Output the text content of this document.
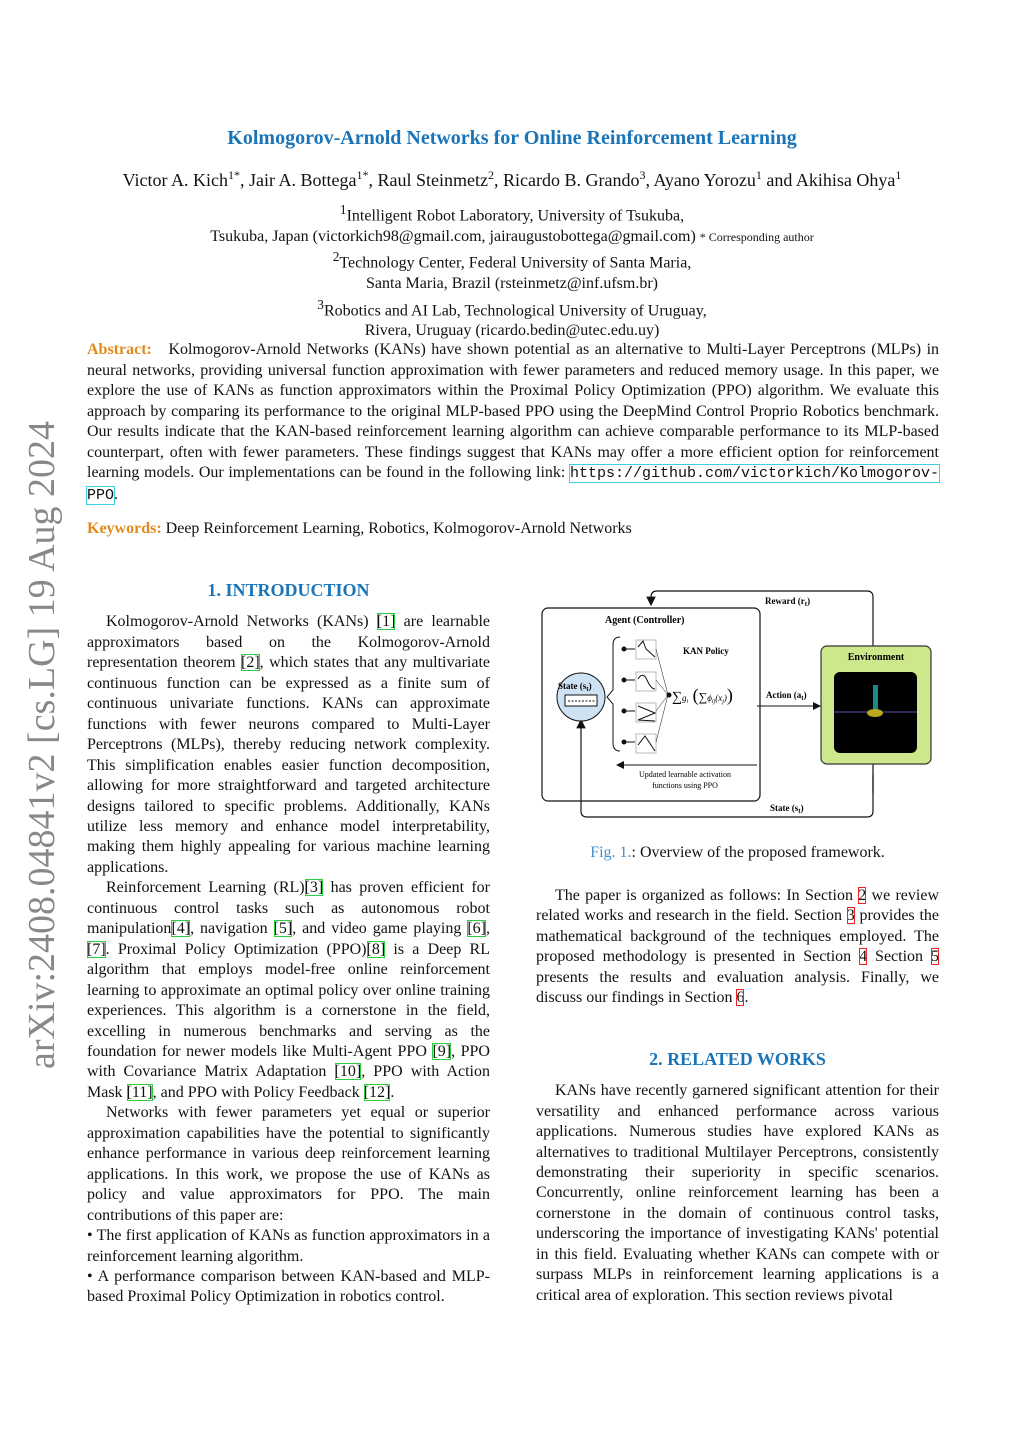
arXiv:2408.04841v2 [cs.LG] 19 Aug 2024
Kolmogorov-Arnold Networks for Online Reinforcement Learning
Victor A. Kich$^{1*}$, Jair A. Bottega$^{1*}$, Raul Steinmetz$^2$, Ricardo B. Grando$^3$, Ayano Yorozu$^1$ and Akihisa Ohya$^1$
$^1$Intelligent Robot Laboratory, University of Tsukuba,
Tsukuba, Japan (victorkich98@gmail.com, jairaugustobottega@gmail.com) * Corresponding author
$^2$Technology Center, Federal University of Santa Maria,
Santa Maria, Brazil (rsteinmetz@inf.ufsm.br)
$^3$Robotics and AI Lab, Technological University of Uruguay,
Rivera, Uruguay (ricardo.bedin@utec.edu.uy)
Abstract: Kolmogorov-Arnold Networks (KANs) have shown potential as an alternative to Multi-Layer Perceptrons (MLPs) in neural networks, providing universal function approximation with fewer parameters and reduced memory usage. In this paper, we explore the use of KANs as function approximators within the Proximal Policy Optimization (PPO) algorithm. We evaluate this approach by comparing its performance to the original MLP-based PPO using the DeepMind Control Proprio Robotics benchmark. Our results indicate that the KAN-based reinforcement learning algorithm can achieve comparable performance to its MLP-based counterpart, often with fewer parameters. These findings suggest that KANs may offer a more efficient option for reinforcement learning models. Our implementations can be found in the following link: https://github.com/victorkich/Kolmogorov-PPO.
Keywords: Deep Reinforcement Learning, Robotics, Kolmogorov-Arnold Networks
1. INTRODUCTION

Kolmogorov-Arnold Networks (KANs) [1] are learnable approximators based on the Kolmogorov-Arnold representation theorem [2], which states that any multivariate continuous function can be expressed as a finite sum of continuous univariate functions. KANs can approximate functions with fewer neurons compared to Multi-Layer Perceptrons (MLPs), thereby reducing network complexity. This simplification enables easier function decomposition, allowing for more straightforward and targeted architecture designs tailored to specific problems. Additionally, KANs utilize less memory and enhance model interpretability, making them highly appealing for various machine learning applications.

Reinforcement Learning (RL)[3] has proven efficient for continuous control tasks such as autonomous robot manipulation[4], navigation [5], and video game playing [6], [7]. Proximal Policy Optimization (PPO)[8] is a Deep RL algorithm that employs model-free online reinforcement learning to approximate an optimal policy over online training experiences. This algorithm is a cornerstone in the field, excelling in numerous benchmarks and serving as the foundation for newer models like Multi-Agent PPO [9], PPO with Covariance Matrix Adaptation [10], PPO with Action Mask [11], and PPO with Policy Feedback [12].

Networks with fewer parameters yet equal or superior approximation capabilities have the potential to significantly enhance performance in various deep reinforcement learning applications. In this work, we propose the use of KANs as policy and value approximators for PPO. The main contributions of this paper are:

• The first application of KANs as function approximators in a reinforcement learning algorithm.

• A performance comparison between KAN-based and MLP-based Proximal Policy Optimization in robotics control.

Agent (Controller)
KAN Policy
State $(s_t)$
$\sum g_i$ $(\sum\phi_{ij}(x_j))$	Action $(a_t)$
Reward $(r_t)$
State $(s_t)$
Updated learnable activation
functions using PPO
Environment
Fig. 1.: Overview of the proposed framework.

The paper is organized as follows: In Section 2 we review related works and research in the field. Section 3 provides the mathematical background of the techniques employed. The proposed methodology is presented in Section 4 Section 5 presents the results and evaluation analysis. Finally, we discuss our findings in Section 6.

2. RELATED WORKS

KANs have recently garnered significant attention for their versatility and enhanced performance across various applications. Numerous studies have explored KANs as alternatives to traditional Multilayer Perceptrons, consistently demonstrating their superiority in specific scenarios. Concurrently, online reinforcement learning has been a cornerstone in the domain of continuous control tasks, underscoring the importance of investigating KANs' potential in this field. Evaluating whether KANs can compete with or surpass MLPs in reinforcement learning applications is a critical area of exploration. This section reviews pivotal
